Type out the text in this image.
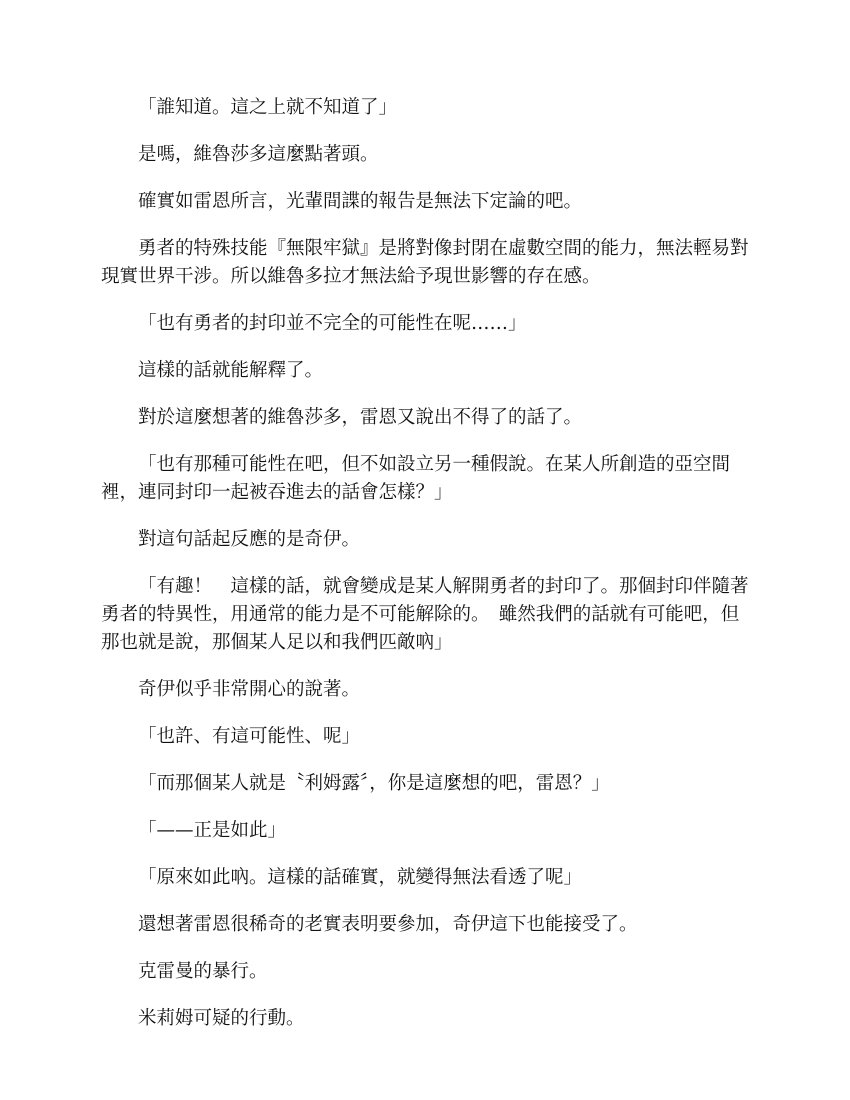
「誰知道。這之上就不知道了」

是嗎，維魯莎多這麼點著頭。

確實如雷恩所言，光輩間諜的報告是無法下定論的吧。

勇者的特殊技能『無限牢獄』是將對像封閉在虛數空間的能力，無法輕易對現實世界干涉。所以維魯多拉才無法給予現世影響的存在感。

「也有勇者的封印並不完全的可能性在呢……」

這樣的話就能解釋了。

對於這麼想著的維魯莎多，雷恩又說出不得了的話了。

「也有那種可能性在吧，但不如設立另一種假說。在某人所創造的亞空間裡，連同封印一起被吞進去的話會怎樣？」

對這句話起反應的是奇伊。

「有趣！　這樣的話，就會變成是某人解開勇者的封印了。那個封印伴隨著勇者的特異性，用通常的能力是不可能解除的。　雖然我們的話就有可能吧，但那也就是說，那個某人足以和我們匹敵吶」

奇伊似乎非常開心的說著。

「也許、有這可能性、呢」

「而那個某人就是〝利姆露〞，你是這麼想的吧，雷恩？」

「——正是如此」

「原來如此吶。這樣的話確實，就變得無法看透了呢」

還想著雷恩很稀奇的老實表明要參加，奇伊這下也能接受了。

克雷曼的暴行。

米莉姆可疑的行動。
